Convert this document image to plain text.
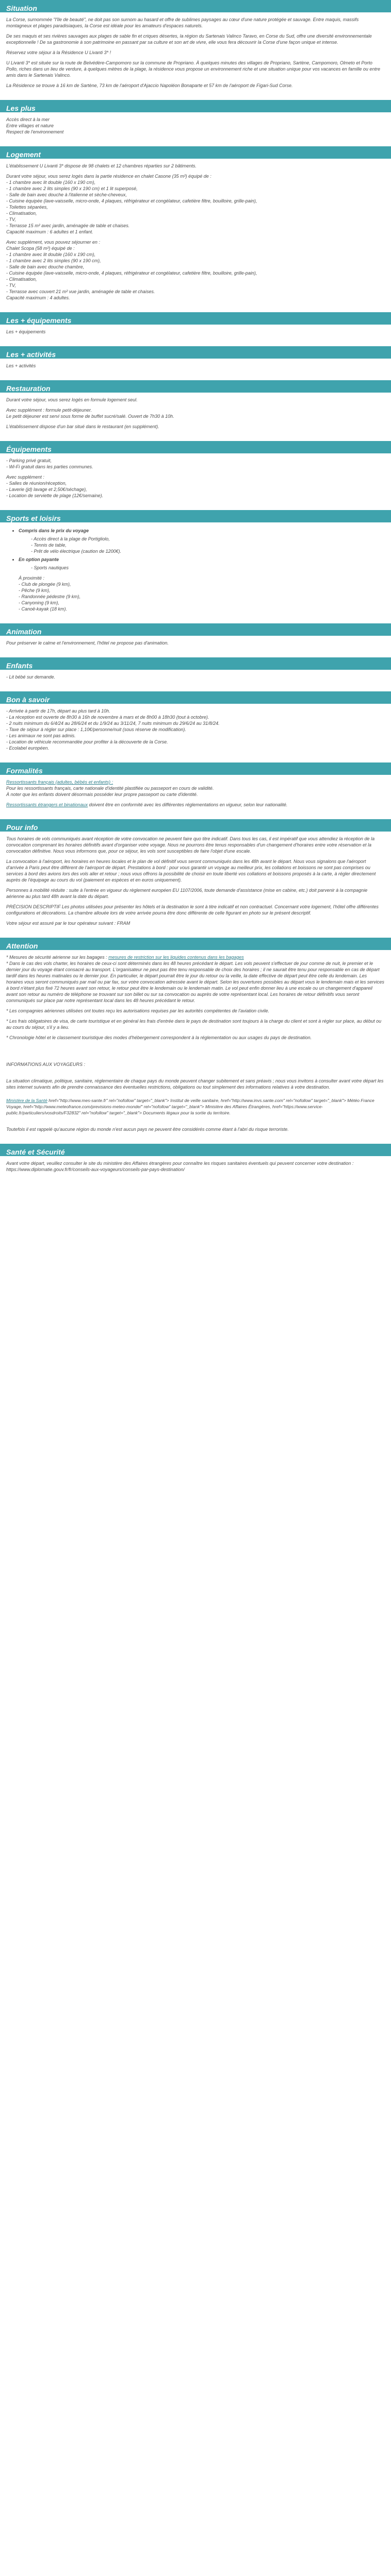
Situation

La Corse, surnommée "l'île de beauté", ne doit pas son surnom au hasard et offre de sublimes paysages au cœur d'une nature protégée et sauvage. Entre maquis, massifs montagneux et plages paradisiaques, la Corse est idéale pour les amateurs d'espaces naturels.

De ses maquis et ses rivières sauvages aux plages de sable fin et criques désertes, la région du Sartenais Valinco Taravo, en Corse du Sud, offre une diversité environnementale exceptionnelle ! De sa gastronomie à son patrimoine en passant par sa culture et son art de vivre, elle vous fera découvrir la Corse d'une façon unique et intense.

Réservez votre séjour à la Résidence U Livanti 3* !

U Livanti 3* est située sur la route de Belvédère-Campomoro sur la commune de Propriano. À quelques minutes des villages de Propriano, Sartène, Campomoro, Olmeto et Porto Pollo, riches dans un lieu de verdure, à quelques mètres de la plage, la résidence vous propose un environnement riche et une situation unique pour vos vacances en famille ou entre amis dans le Sartenais Valinco.

La Résidence se trouve à 16 km de Sartène, 73 km de l'aéroport d'Ajaccio Napoléon Bonaparte et 57 km de l'aéroport de Figari-Sud Corse.

Les plus
Accès direct à la mer
Entre villages et nature
Respect de l'environnement
Logement

L'établissement U Livanti 3* dispose de 98 chalets et 12 chambres réparties sur 2 bâtiments.

Durant votre séjour, vous serez logés dans la partie résidence en chalet Casone (35 m²) équipé de :

- 1 chambre avec lit double (160 x 190 cm),
- 1 chambre avec 2 lits simples (90 x 190 cm) et 1 lit superposé,
- Salle de bain avec douche à l'italienne et sèche-cheveux,
- Cuisine équipée (lave-vaisselle, micro-onde, 4 plaques, réfrigérateur et congélateur, cafetière filtre, bouilloire, grille-pain),
- Toilettes séparées,
- Climatisation,
- TV,
- Terrasse 15 m² avec jardin, aménagée de table et chaises.
Capacité maximum : 6 adultes et 1 enfant.

Avec supplément, vous pouvez séjourner en :

Chalet Scopa (58 m²) équipé de :

- 1 chambre avec lit double (160 x 190 cm),
- 1 chambre avec 2 lits simples (90 x 190 cm),
- Salle de bain avec douche chambre,
- Cuisine équipée (lave-vaisselle, micro-onde, 4 plaques, réfrigérateur et congélateur, cafetière filtre, bouilloire, grille-pain),
- Climatisation,
- TV,
- Terrasse avec couvert 21 m² vue jardin, aménagée de table et chaises.
Capacité maximum : 4 adultes.
Les + équipements
Les + équipements
Les + activités
Les + activités
Restauration

Durant votre séjour, vous serez logés en formule logement seul.

Avec supplément : formule petit-déjeuner.

Le petit déjeuner est servi sous forme de buffet sucré/salé. Ouvert de 7h30 à 10h.

L'établissement dispose d'un bar situé dans le restaurant (en supplément).

Équipements
- Parking privé gratuit,
- Wi-Fi gratuit dans les parties communes.
Avec supplément :
- Salles de réunion/réception,
- Laverie (jd) lavage et 2,50€/séchage),
- Location de serviette de plage (12€/semaine).
Sports et loisirs
• Compris dans le prix du voyage
- Accès direct à la plage de Portigliolo,
- Tennis de table,
- Prêt de vélo électrique (caution de 1200€).
• En option payante
- Sports nautiques
À proximité :
- Club de plongée (9 km),
- Pêche (9 km),
- Randonnée pédestre (9 km),
- Canyoning (9 km),
- Canoë-kayak (18 km).
Animation
Pour préserver le calme et l'environnement, l'hôtel ne propose pas d'animation.
Enfants
- Lit bébé sur demande.
Bon à savoir
- Arrivée à partir de 17h, départ au plus tard à 10h.
- La réception est ouverte de 8h30 à 16h de novembre à mars et de 8h00 à 18h30 (tout à octobre).
- 2 nuits minimum du 6/4/24 au 28/6/24 et du 1/9/24 au 3/11/24, 7 nuits minimum du 29/6/24 au 31/8/24.
- Taxe de séjour à régler sur place : 1,10€/personne/nuit (sous réserve de modification).
- Les animaux ne sont pas admis.
- Location de véhicule recommandée pour profiter à la découverte de la Corse.
- Ecolabel européen.
Formalités
Ressortissants français (adultes, bébés et enfants) :
Pour les ressortissants français, carte nationale d'identité plastifiée ou passeport en cours de validité.

À noter que les enfants doivent désormais posséder leur propre passeport ou carte d'identité.

Ressortissants étrangers et binationaux doivent être en conformité avec les différentes réglementations en vigueur, selon leur nationalité.

Pour info

Tous horaires de vols communiqués avant réception de votre convocation ne peuvent faire quo titre indicatif. Dans tous les cas, il est impératif que vous attendiez la réception de la convocation comprenant les horaires définitifs avant d'organiser votre voyage. Nous ne pourrons être tenus responsables d'un changement d'horaires entre votre réservation et la convocation définitive. Nous vous informons que, pour ce séjour, les vols sont susceptibles de faire l'objet d'une escale.

La convocation à l'aéroport, les horaires en heures locales et le plan de vol définitif vous seront communiqués dans les 48h avant le départ. Nous vous signalons que l'aéroport d'arrivée à Paris peut être différent de l'aéroport de départ. Prestations à bord : pour vous garantir un voyage au meilleur prix, les collations et boissons ne sont pas comprises ou services à bord des avions lors des vols aller et retour ; nous vous offrons la possibilité de choisir en toute liberté vos collations et boissons proposés à la carte, à régler directement auprès de l'équipage au cours du vol (paiement en espèces et en euros uniquement).

Personnes à mobilité réduite : suite à l'entrée en vigueur du règlement européen EU 1107/2006, toute demande d'assistance (mise en cabine, etc.) doit parvenir à la compagnie aérienne au plus tard 48h avant la date du départ.

PRÉCISION DESCRIPTIF Les photos utilisées pour présenter les hôtels et la destination le sont à titre indicatif et non contractuel. Concernant votre logement, l'hôtel offre différentes configurations et décorations. La chambre allouée lors de votre arrivée pourra être donc différente de celle figurant en photo sur le présent descriptif.

Votre séjour est assuré par le tour opérateur suivant : FRAM

Attention

* Mesures de sécurité aérienne sur les bagages : mesures de restriction sur les liquides contenus dans les bagages

* Dans le cas des vols charter, les horaires de ceux-ci sont déterminés dans les 48 heures précédant le départ. Les vols peuvent s'effectuer de jour comme de nuit, le premier et le dernier jour du voyage étant consacré au transport. L'organisateur ne peut pas être tenu responsable de choix des horaires ; il ne saurait être tenu pour responsable en cas de départ tardif dans les heures matinales ou le dernier jour. En particulier, le départ pourrait être le jour du retour ou la veille, la date effective de départ peut être celle du lendemain. Les horaires vous seront communiqués par mail ou par fax, sur votre convocation adressée avant le départ. Selon les ouvertures possibles au départ vous le lendemain mais et les services à bord n'étant plus fixé 72 heures avant son retour, le retour peut être le lendemain ou le lendemain matin. Le vol peut enfin donner lieu à une escale ou un changement d'appareil avant son retour au numéro de téléphone se trouvant sur son billet ou sur sa convocation ou auprès de votre représentant local. Les horaires de retour définitifs vous seront communiqués sur place par notre représentant local dans les 48 heures précédant le retour.

* Les compagnies aériennes utilisées ont toutes reçu les autorisations requises par les autorités compétentes de l'aviation civile.

* Les frais obligatoires de visa, de carte touristique et en général les frais d'entrée dans le pays de destination sont toujours à la charge du client et sont à régler sur place, au début ou au cours du séjour, s'il y a lieu.

* Chronologie hôtel et le classement touristique des modes d'hébergement correspondent à la réglementation ou aux usages du pays de destination.

INFORMATIONS AUX VOYAGEURS :

La situation climatique, politique, sanitaire, réglementaire de chaque pays du monde peuvent changer subitement et sans préavis ; nous vous invitons à consulter avant votre départ les sites internet suivants afin de prendre connaissance des éventuelles restrictions, obligations ou tout simplement des informations relatives à votre destination.

Ministère de la Santé href="http://www.mes-sante.fr" rel="nofollow" target="_blank"> Institut de veille sanitaire, href="http://www.invs.sante.com" rel="nofollow" target="_blank"> Météo France Voyage, href="http://www.meteofrance.com/previsions-meteo-monde/" rel="nofollow" target="_blank"> Ministère des Affaires Étrangères, href="https://www.service-public.fr/particuliers/vosdroits/F32832" rel="nofollow" target="_blank"> Documents légaux pour la sortie du territoire.

Toutefois il est rappelé qu'aucune région du monde n'est aucun pays ne peuvent être considérés comme étant à l'abri du risque terroriste.

Santé et Sécurité
Avant votre départ, veuillez consulter le site du ministère des Affaires étrangères pour connaître les risques sanitaires éventuels qui peuvent concerner votre destination : https://www.diplomatie.gouv.fr/fr/conseils-aux-voyageurs/conseils-par-pays-destination/
